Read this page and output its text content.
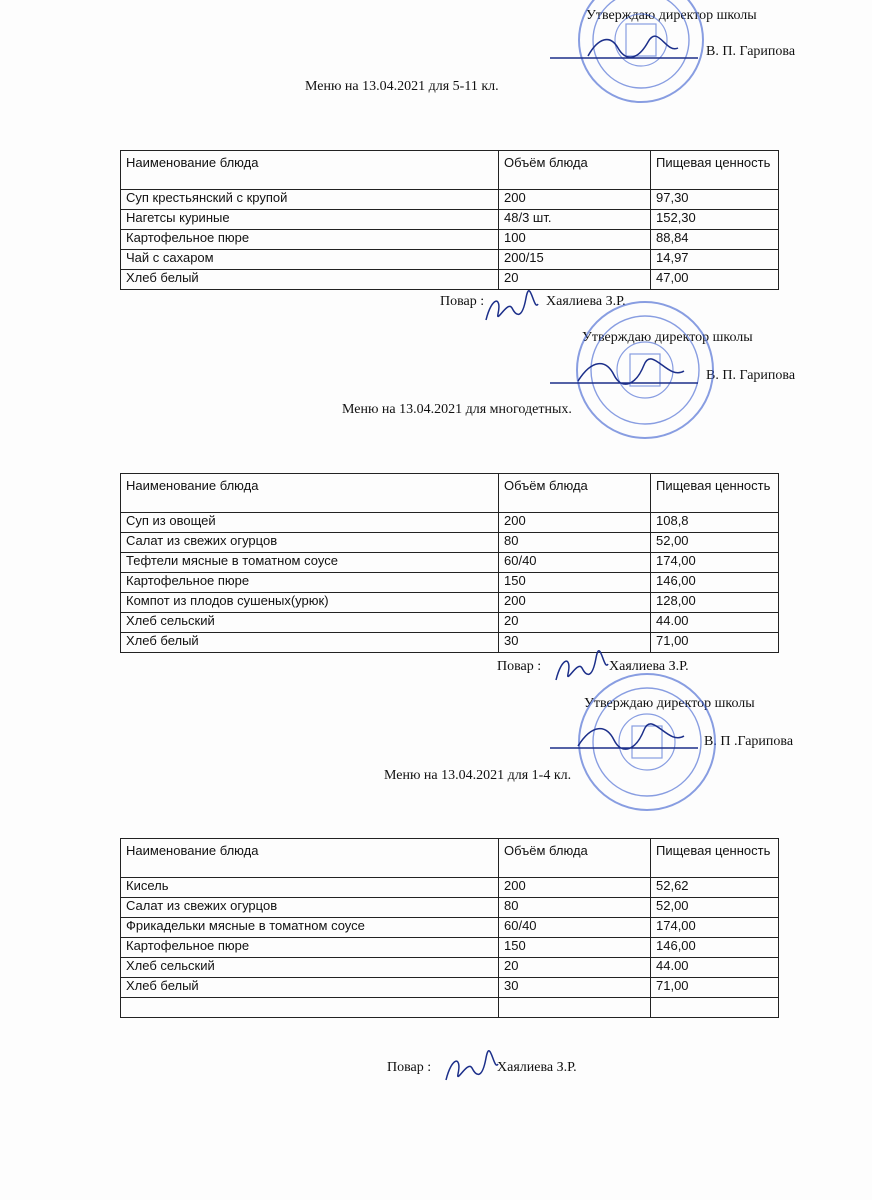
Утверждаю директор школы
В. П. Гарипова
Меню на 13.04.2021 для 5-11 кл.
Наименование блюда	Объём блюда	Пищевая ценность
Суп крестьянский с крупой	200	97,30
Нагетсы куриные	48/3 шт.	152,30
Картофельное пюре	100	88,84
Чай с сахаром	200/15	14,97
Хлеб белый	20	47,00
Повар :	Хаялиева З.Р.
Утверждаю директор школы
В. П. Гарипова
Меню на 13.04.2021 для многодетных.
Наименование блюда	Объём блюда	Пищевая ценность
Суп из овощей	200	108,8
Салат из свежих огурцов	80	52,00
Тефтели мясные в томатном соусе	60/40	174,00
Картофельное пюре	150	146,00
Компот из плодов сушеных(урюк)	200	128,00
Хлеб сельский	20	44.00
Хлеб белый	30	71,00
Повар :	Хаялиева З.Р.
Утверждаю директор школы
В. П .Гарипова
Меню на 13.04.2021 для 1-4 кл.
Наименование блюда	Объём блюда	Пищевая ценность
Кисель	200	52,62
Салат из свежих огурцов	80	52,00
Фрикадельки мясные в томатном соусе	60/40	174,00
Картофельное пюре	150	146,00
Хлеб сельский	20	44.00
Хлеб белый	30	71,00

Повар :	Хаялиева З.Р.
